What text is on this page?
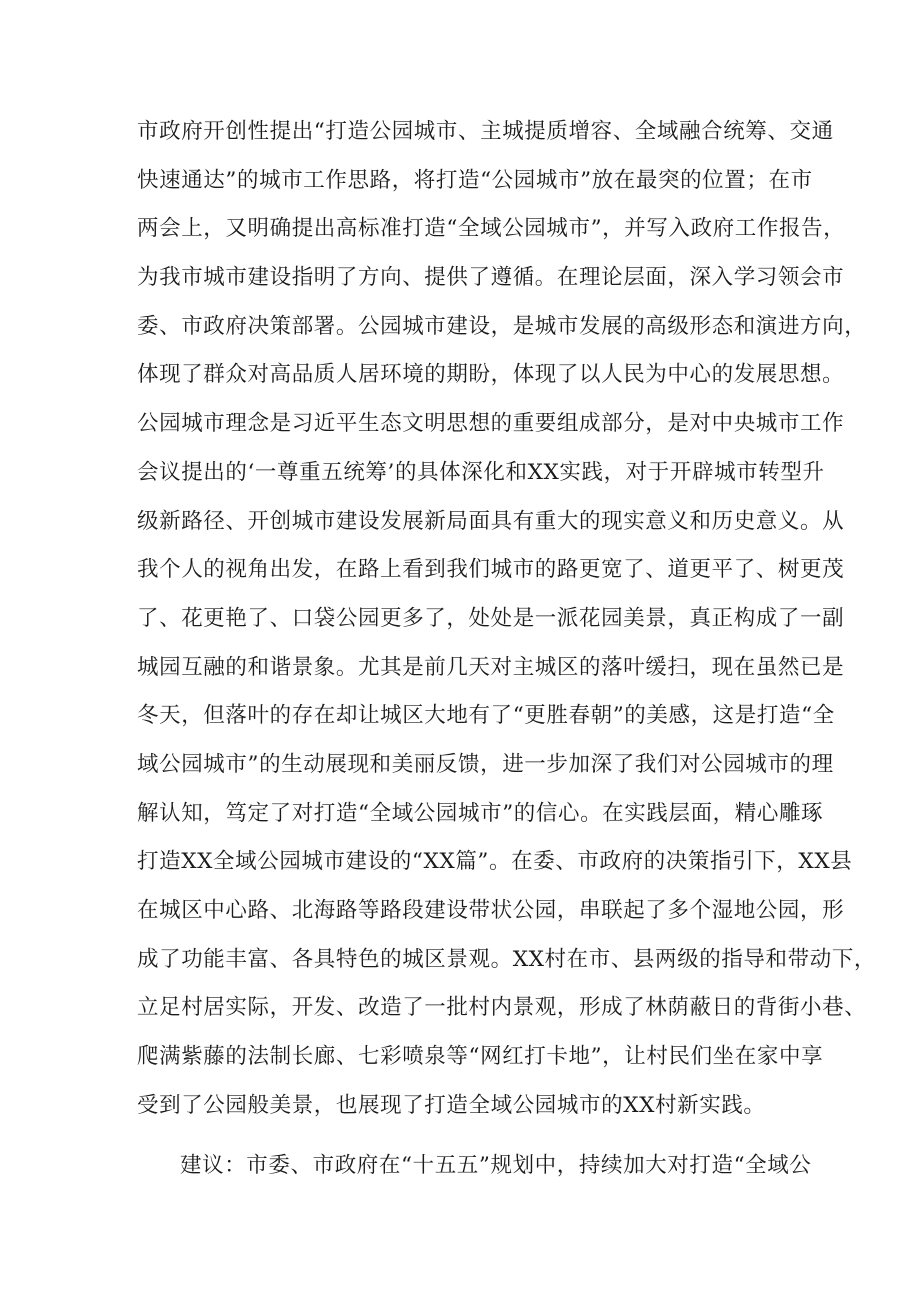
市政府开创性提出“打造公园城市、主城提质增容、全域融合统筹、交通
快速通达”的城市工作思路，将打造“公园城市”放在最突的位置；在市
两会上，又明确提出高标准打造“全域公园城市”，并写入政府工作报告，
为我市城市建设指明了方向、提供了遵循。在理论层面，深入学习领会市
委、市政府决策部署。公园城市建设，是城市发展的高级形态和演进方向，
体现了群众对高品质人居环境的期盼，体现了以人民为中心的发展思想。
公园城市理念是习近平生态文明思想的重要组成部分，是对中央城市工作
会议提出的‘一尊重五统筹’的具体深化和XX实践，对于开辟城市转型升
级新路径、开创城市建设发展新局面具有重大的现实意义和历史意义。从
我个人的视角出发，在路上看到我们城市的路更宽了、道更平了、树更茂
了、花更艳了、口袋公园更多了，处处是一派花园美景，真正构成了一副
城园互融的和谐景象。尤其是前几天对主城区的落叶缓扫，现在虽然已是
冬天，但落叶的存在却让城区大地有了“更胜春朝”的美感，这是打造“全
域公园城市”的生动展现和美丽反馈，进一步加深了我们对公园城市的理
解认知，笃定了对打造“全域公园城市”的信心。在实践层面，精心雕琢
打造XX全域公园城市建设的“XX篇”。在委、市政府的决策指引下，XX县
在城区中心路、北海路等路段建设带状公园，串联起了多个湿地公园，形
成了功能丰富、各具特色的城区景观。XX村在市、县两级的指导和带动下，
立足村居实际，开发、改造了一批村内景观，形成了林荫蔽日的背街小巷、
爬满紫藤的法制长廊、七彩喷泉等“网红打卡地”，让村民们坐在家中享
受到了公园般美景，也展现了打造全域公园城市的XX村新实践。
建议：市委、市政府在“十五五”规划中，持续加大对打造“全域公
